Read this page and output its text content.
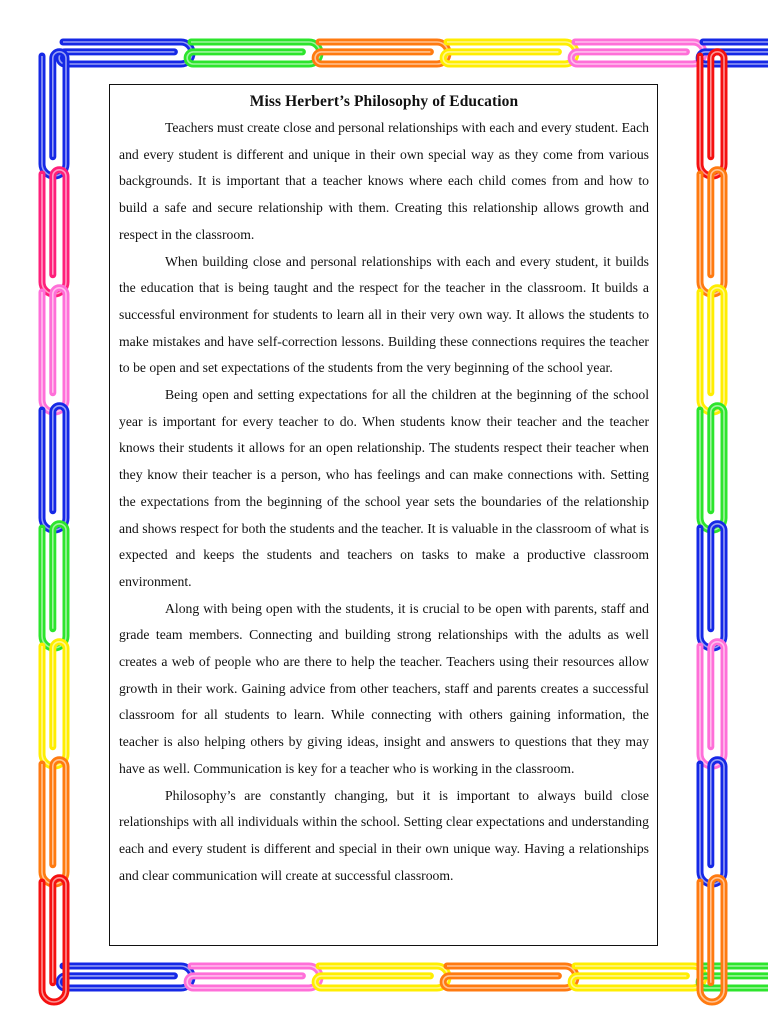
Miss Herbert’s Philosophy of Education

Teachers must create close and personal relationships with each and every student. Each and every student is different and unique in their own special way as they come from various backgrounds. It is important that a teacher knows where each child comes from and how to build a safe and secure relationship with them. Creating this relationship allows growth and respect in the classroom.

When building close and personal relationships with each and every student, it builds the education that is being taught and the respect for the teacher in the classroom. It builds a successful environment for students to learn all in their very own way. It allows the students to make mistakes and have self-correction lessons. Building these connections requires the teacher to be open and set expectations of the students from the very beginning of the school year.

Being open and setting expectations for all the children at the beginning of the school year is important for every teacher to do. When students know their teacher and the teacher knows their students it allows for an open relationship. The students respect their teacher when they know their teacher is a person, who has feelings and can make connections with. Setting the expectations from the beginning of the school year sets the boundaries of the relationship and shows respect for both the students and the teacher. It is valuable in the classroom of what is expected and keeps the students and teachers on tasks to make a productive classroom environment.

Along with being open with the students, it is crucial to be open with parents, staff and grade team members. Connecting and building strong relationships with the adults as well creates a web of people who are there to help the teacher. Teachers using their resources allow growth in their work. Gaining advice from other teachers, staff and parents creates a successful classroom for all students to learn. While connecting with others gaining information, the teacher is also helping others by giving ideas, insight and answers to questions that they may have as well. Communication is key for a teacher who is working in the classroom.

Philosophy’s are constantly changing, but it is important to always build close relationships with all individuals within the school. Setting clear expectations and understanding each and every student is different and special in their own unique way. Having a relationships and clear communication will create at successful classroom.
